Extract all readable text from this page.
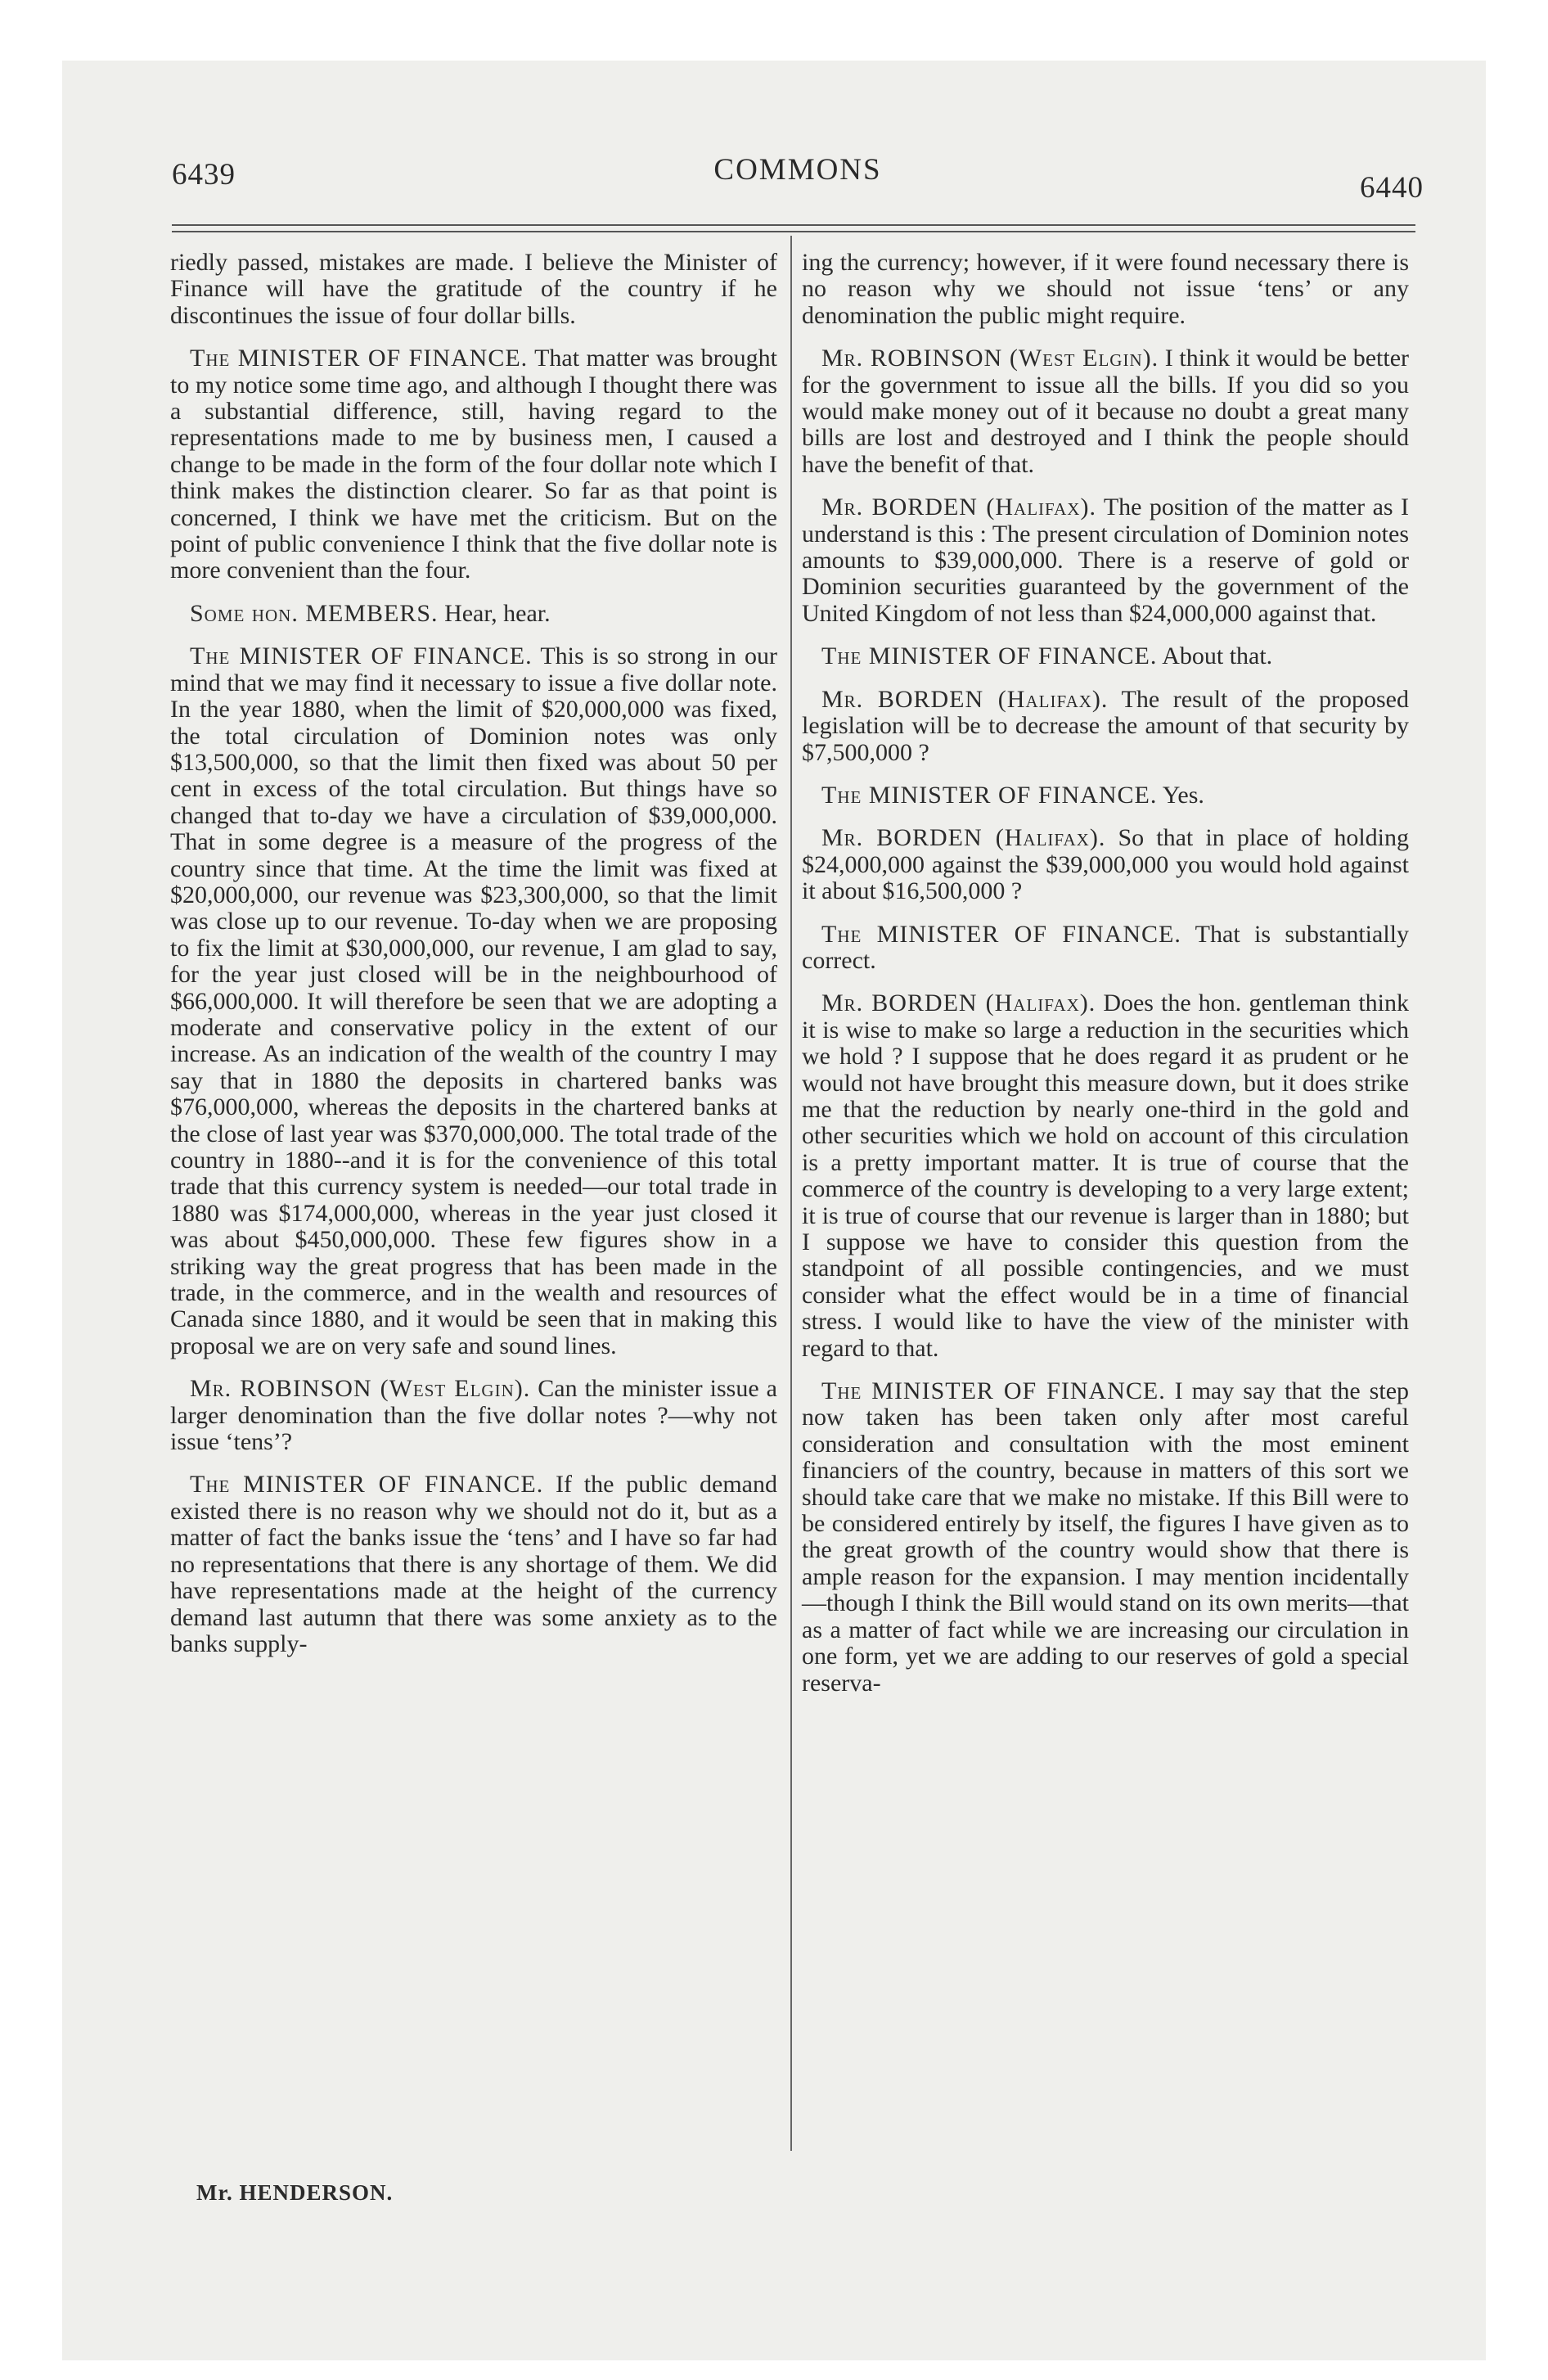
6439	COMMONS
6440

riedly passed, mistakes are made. I believe the Minister of Finance will have the gratitude of the country if he discontinues the issue of four dollar bills.

The MINISTER OF FINANCE. That matter was brought to my notice some time ago, and although I thought there was a substantial difference, still, having regard to the representations made to me by business men, I caused a change to be made in the form of the four dollar note which I think makes the distinction clearer. So far as that point is concerned, I think we have met the criticism. But on the point of public convenience I think that the five dollar note is more convenient than the four.

Some hon. MEMBERS. Hear, hear.

The MINISTER OF FINANCE. This is so strong in our mind that we may find it necessary to issue a five dollar note. In the year 1880, when the limit of $20,000,000 was fixed, the total circulation of Dominion notes was only $13,500,000, so that the limit then fixed was about 50 per cent in excess of the total circulation. But things have so changed that to-day we have a circulation of $39,000,000. That in some degree is a measure of the progress of the country since that time. At the time the limit was fixed at $20,000,000, our revenue was $23,300,000, so that the limit was close up to our revenue. To-day when we are proposing to fix the limit at $30,000,000, our revenue, I am glad to say, for the year just closed will be in the neighbourhood of $66,000,000. It will therefore be seen that we are adopting a moderate and conservative policy in the extent of our increase. As an indication of the wealth of the country I may say that in 1880 the deposits in chartered banks was $76,000,000, whereas the deposits in the chartered banks at the close of last year was $370,000,000. The total trade of the country in 1880--and it is for the convenience of this total trade that this currency system is needed—our total trade in 1880 was $174,000,000, whereas in the year just closed it was about $450,000,000. These few figures show in a striking way the great progress that has been made in the trade, in the commerce, and in the wealth and resources of Canada since 1880, and it would be seen that in making this proposal we are on very safe and sound lines.

Mr. ROBINSON (West Elgin). Can the minister issue a larger denomination than the five dollar notes ?—why not issue ‘tens’?

The MINISTER OF FINANCE. If the public demand existed there is no reason why we should not do it, but as a matter of fact the banks issue the ‘tens’ and I have so far had no representations that there is any shortage of them. We did have representations made at the height of the currency demand last autumn that there was some anxiety as to the banks supply-

ing the currency; however, if it were found necessary there is no reason why we should not issue ‘tens’ or any denomination the public might require.

Mr. ROBINSON (West Elgin). I think it would be better for the government to issue all the bills. If you did so you would make money out of it because no doubt a great many bills are lost and destroyed and I think the people should have the benefit of that.

Mr. BORDEN (Halifax). The position of the matter as I understand is this : The present circulation of Dominion notes amounts to $39,000,000. There is a reserve of gold or Dominion securities guaranteed by the government of the United Kingdom of not less than $24,000,000 against that.

The MINISTER OF FINANCE. About that.

Mr. BORDEN (Halifax). The result of the proposed legislation will be to decrease the amount of that security by $7,500,000 ?

The MINISTER OF FINANCE. Yes.

Mr. BORDEN (Halifax). So that in place of holding $24,000,000 against the $39,000,000 you would hold against it about $16,500,000 ?

The MINISTER OF FINANCE. That is substantially correct.

Mr. BORDEN (Halifax). Does the hon. gentleman think it is wise to make so large a reduction in the securities which we hold ? I suppose that he does regard it as prudent or he would not have brought this measure down, but it does strike me that the reduction by nearly one-third in the gold and other securities which we hold on account of this circulation is a pretty important matter. It is true of course that the commerce of the country is developing to a very large extent; it is true of course that our revenue is larger than in 1880; but I suppose we have to consider this question from the standpoint of all possible contingencies, and we must consider what the effect would be in a time of financial stress. I would like to have the view of the minister with regard to that.

The MINISTER OF FINANCE. I may say that the step now taken has been taken only after most careful consideration and consultation with the most eminent financiers of the country, because in matters of this sort we should take care that we make no mistake. If this Bill were to be considered entirely by itself, the figures I have given as to the great growth of the country would show that there is ample reason for the expansion. I may mention incidentally—though I think the Bill would stand on its own merits—that as a matter of fact while we are increasing our circulation in one form, yet we are adding to our reserves of gold a special reserva-

Mr. HENDERSON.
